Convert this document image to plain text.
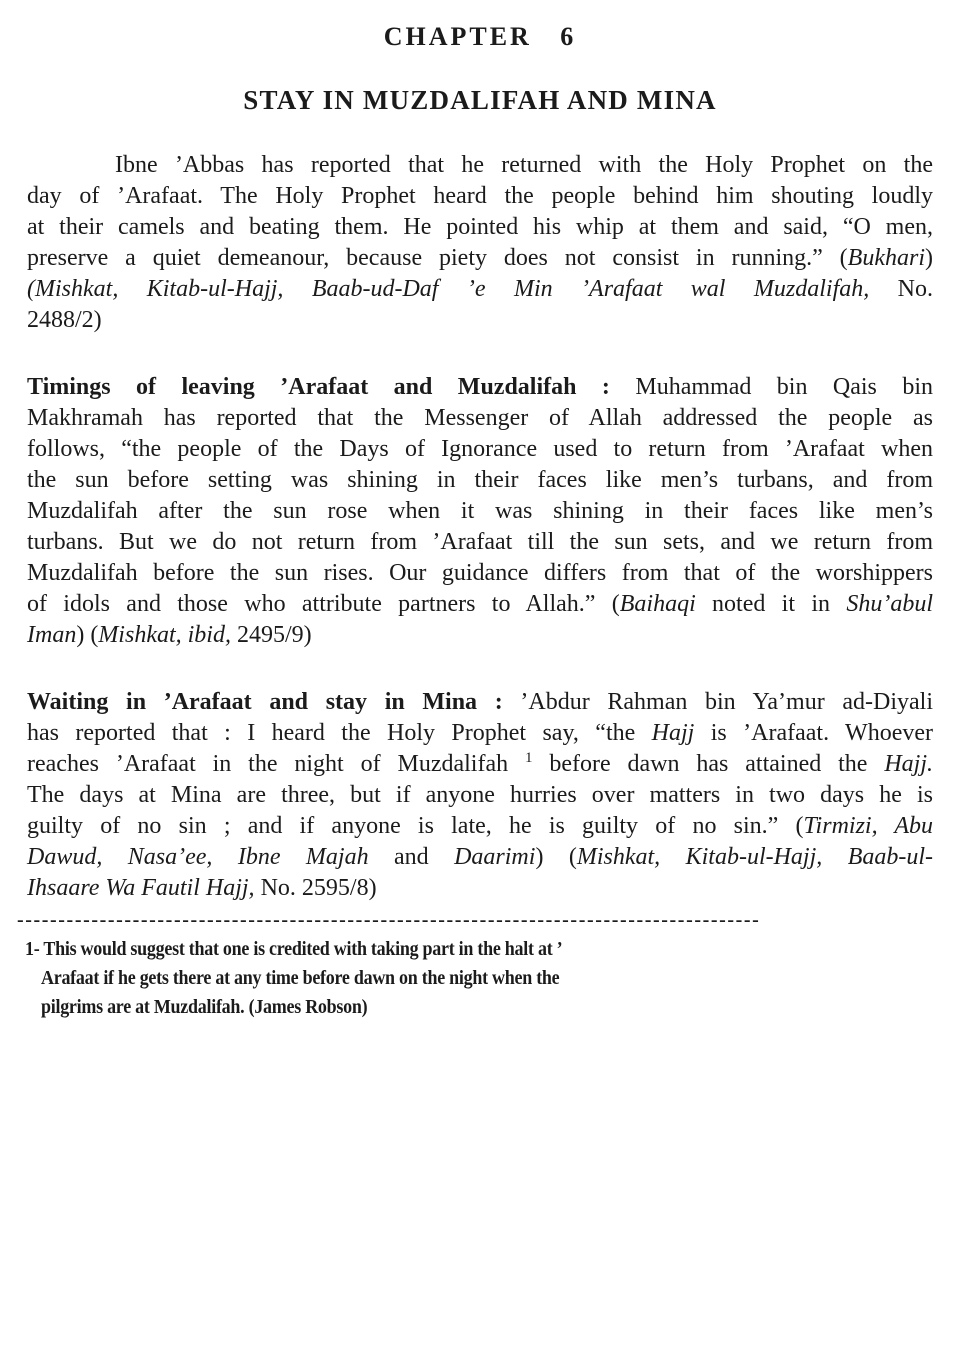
CHAPTER   6
STAY IN MUZDALIFAH AND MINA
Ibne ’Abbas has reported that he returned with the Holy Prophet on the
day of ’Arafaat. The Holy Prophet heard the people behind him shouting loudly
at their camels and beating them. He pointed his whip at them and said, “O men,
preserve a quiet demeanour, because piety does not consist in running.” (Bukhari)
(Mishkat, Kitab-ul-Hajj, Baab-ud-Daf ’e Min ’Arafaat wal Muzdalifah, No.
2488/2)
Timings of leaving ’Arafaat and Muzdalifah : Muhammad bin Qais bin
Makhramah has reported that the Messenger of Allah addressed the people as
follows, “the people of the Days of Ignorance used to return from ’Arafaat when
the sun before setting was shining in their faces like men’s turbans, and from
Muzdalifah after the sun rose when it was shining in their faces like men’s
turbans. But we do not return from ’Arafaat till the sun sets, and we return from
Muzdalifah before the sun rises. Our guidance differs from that of the worshippers
of idols and those who attribute partners to Allah.” (Baihaqi noted it in Shu’abul
Iman) (Mishkat, ibid, 2495/9)
Waiting in ’Arafaat and stay in Mina : ’Abdur Rahman bin Ya’mur ad-Diyali
has reported that : I heard the Holy Prophet say, “the Hajj is ’Arafaat. Whoever
reaches ’Arafaat in the night of Muzdalifah $^1$ before dawn has attained the Hajj.
The days at Mina are three, but if anyone hurries over matters in two days he is
guilty of no sin ; and if anyone is late, he is guilty of no sin.” (Tirmizi, Abu
Dawud, Nasa’ee, Ibne Majah and Daarimi) (Mishkat, Kitab-ul-Hajj, Baab-ul-
Ihsaare Wa Fautil Hajj, No. 2595/8)
------------------------------------------------------------------------------------------
1- This would suggest that one is credited with taking part in the halt at ’
Arafaat if he gets there at any time before dawn on the night when the
pilgrims are at Muzdalifah. (James Robson)
